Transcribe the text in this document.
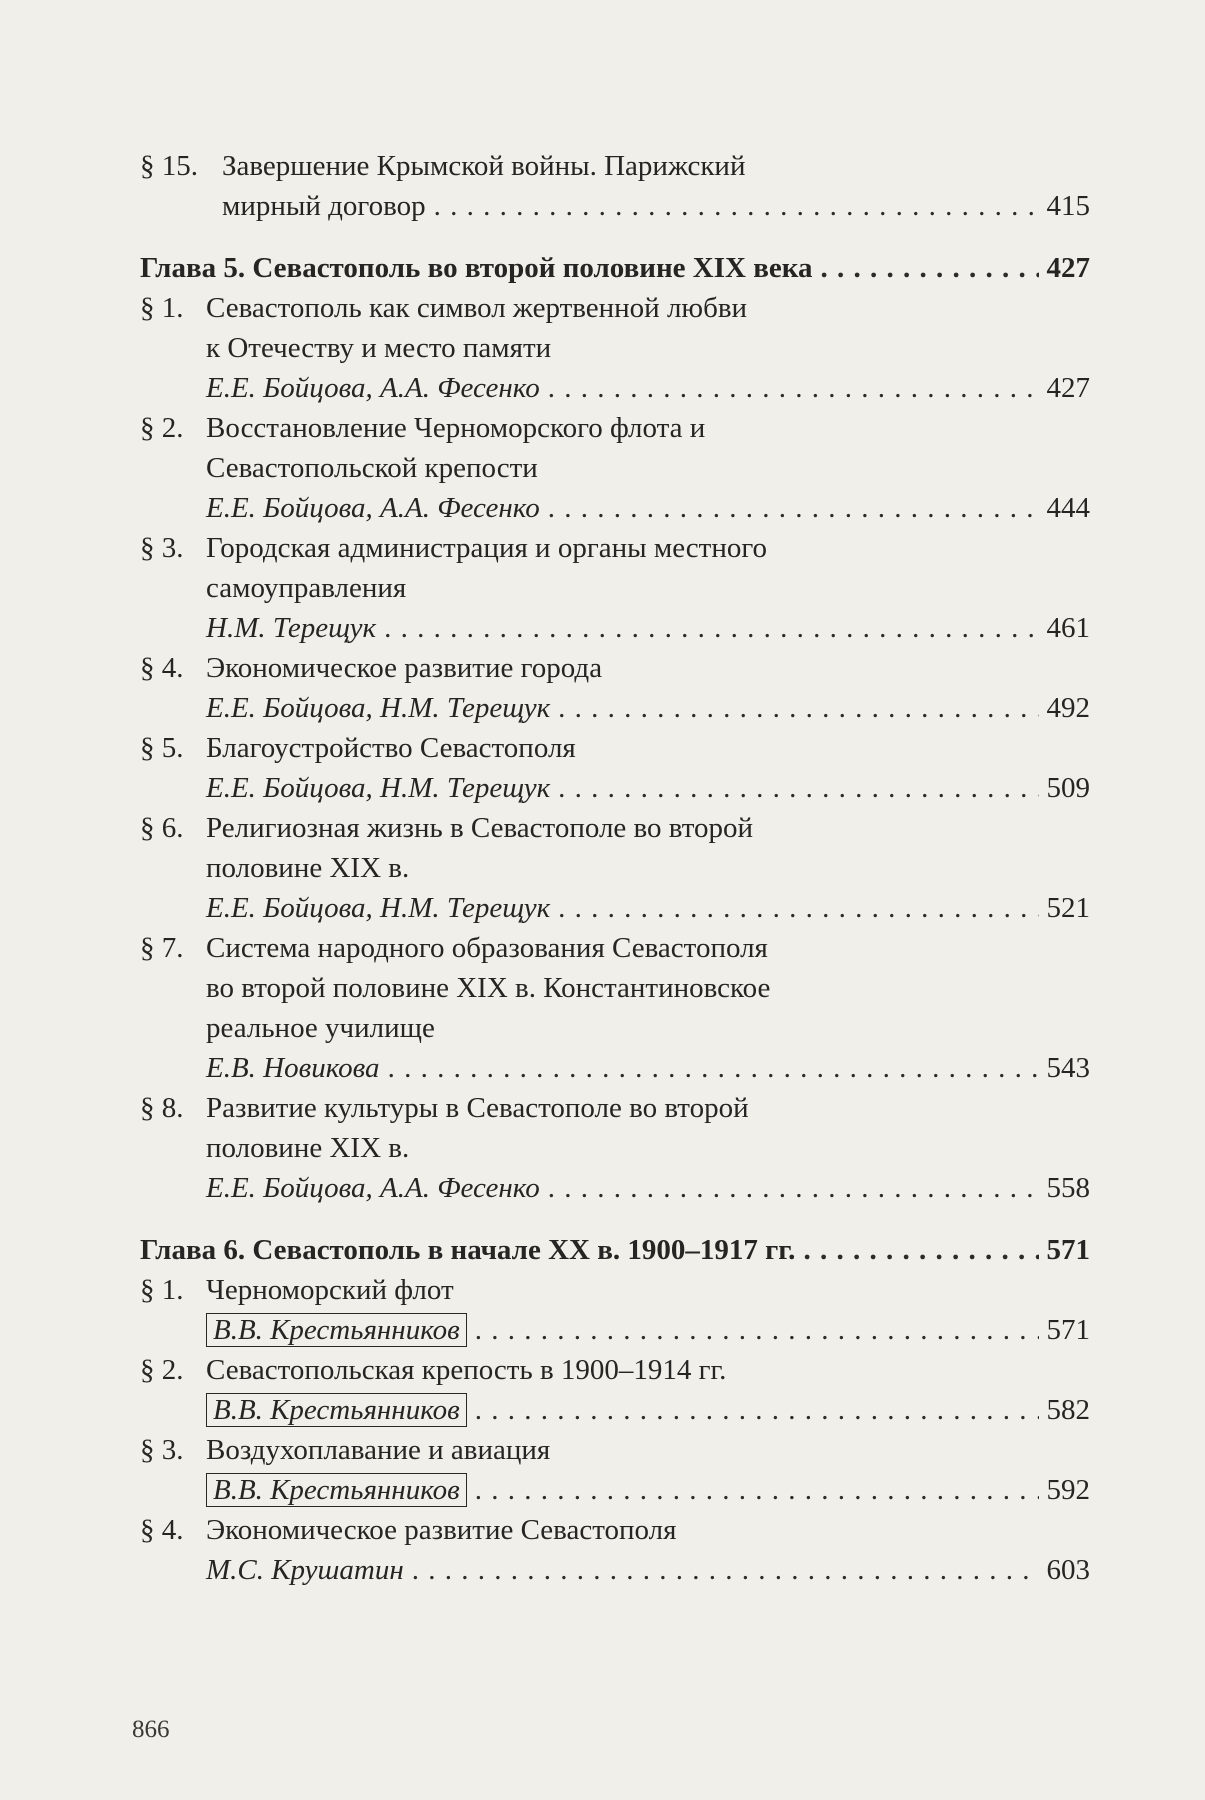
§ 15. Завершение Крымской войны. Парижский
мирный договор . . .	415
Глава 5. Севастополь во второй половине XIX века . . .	427
§ 1. Севастополь как символ жертвенной любви
к Отечеству и место памяти
Е.Е. Бойцова, А.А. Фесенко . . .	427
§ 2. Восстановление Черноморского флота и
Севастопольской крепости
Е.Е. Бойцова, А.А. Фесенко . . .	444
§ 3. Городская администрация и органы местного
самоуправления
Н.М. Терещук . . .	461
§ 4. Экономическое развитие города
Е.Е. Бойцова, Н.М. Терещук . . .	492
§ 5. Благоустройство Севастополя
Е.Е. Бойцова, Н.М. Терещук . . .	509
§ 6. Религиозная жизнь в Севастополе во второй
половине XIX в.
Е.Е. Бойцова, Н.М. Терещук . . .	521
§ 7. Система народного образования Севастополя
во второй половине XIX в. Константиновское
реальное училище
Е.В. Новикова . . .	543
§ 8. Развитие культуры в Севастополе во второй
половине XIX в.
Е.Е. Бойцова, А.А. Фесенко . . .	558
Глава 6. Севастополь в начале XX в. 1900–1917 гг. . . .	571
§ 1. Черноморский флот
В.В. Крестьянников . . .	571
§ 2. Севастопольская крепость в 1900–1914 гг.
В.В. Крестьянников . . .	582
§ 3. Воздухоплавание и авиация
В.В. Крестьянников . . .	592
§ 4. Экономическое развитие Севастополя
М.С. Крушатин . . .	603
866
